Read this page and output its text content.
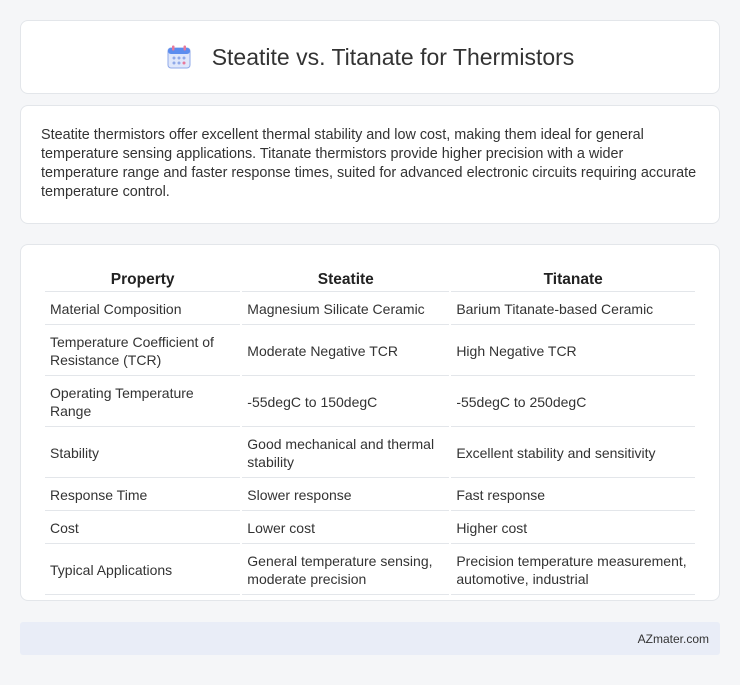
Steatite vs. Titanate for Thermistors

Steatite thermistors offer excellent thermal stability and low cost, making them ideal for general temperature sensing applications. Titanate thermistors provide higher precision with a wider temperature range and faster response times, suited for advanced electronic circuits requiring accurate temperature control.

Property	Steatite	Titanate
Material Composition	Magnesium Silicate Ceramic	Barium Titanate-based Ceramic
Temperature Coefficient of Resistance (TCR)	Moderate Negative TCR	High Negative TCR
Operating Temperature Range	-55degC to 150degC	-55degC to 250degC
Stability	Good mechanical and thermal stability	Excellent stability and sensitivity
Response Time	Slower response	Fast response
Cost	Lower cost	Higher cost
Typical Applications	General temperature sensing, moderate precision	Precision temperature measurement, automotive, industrial
AZmater.com
